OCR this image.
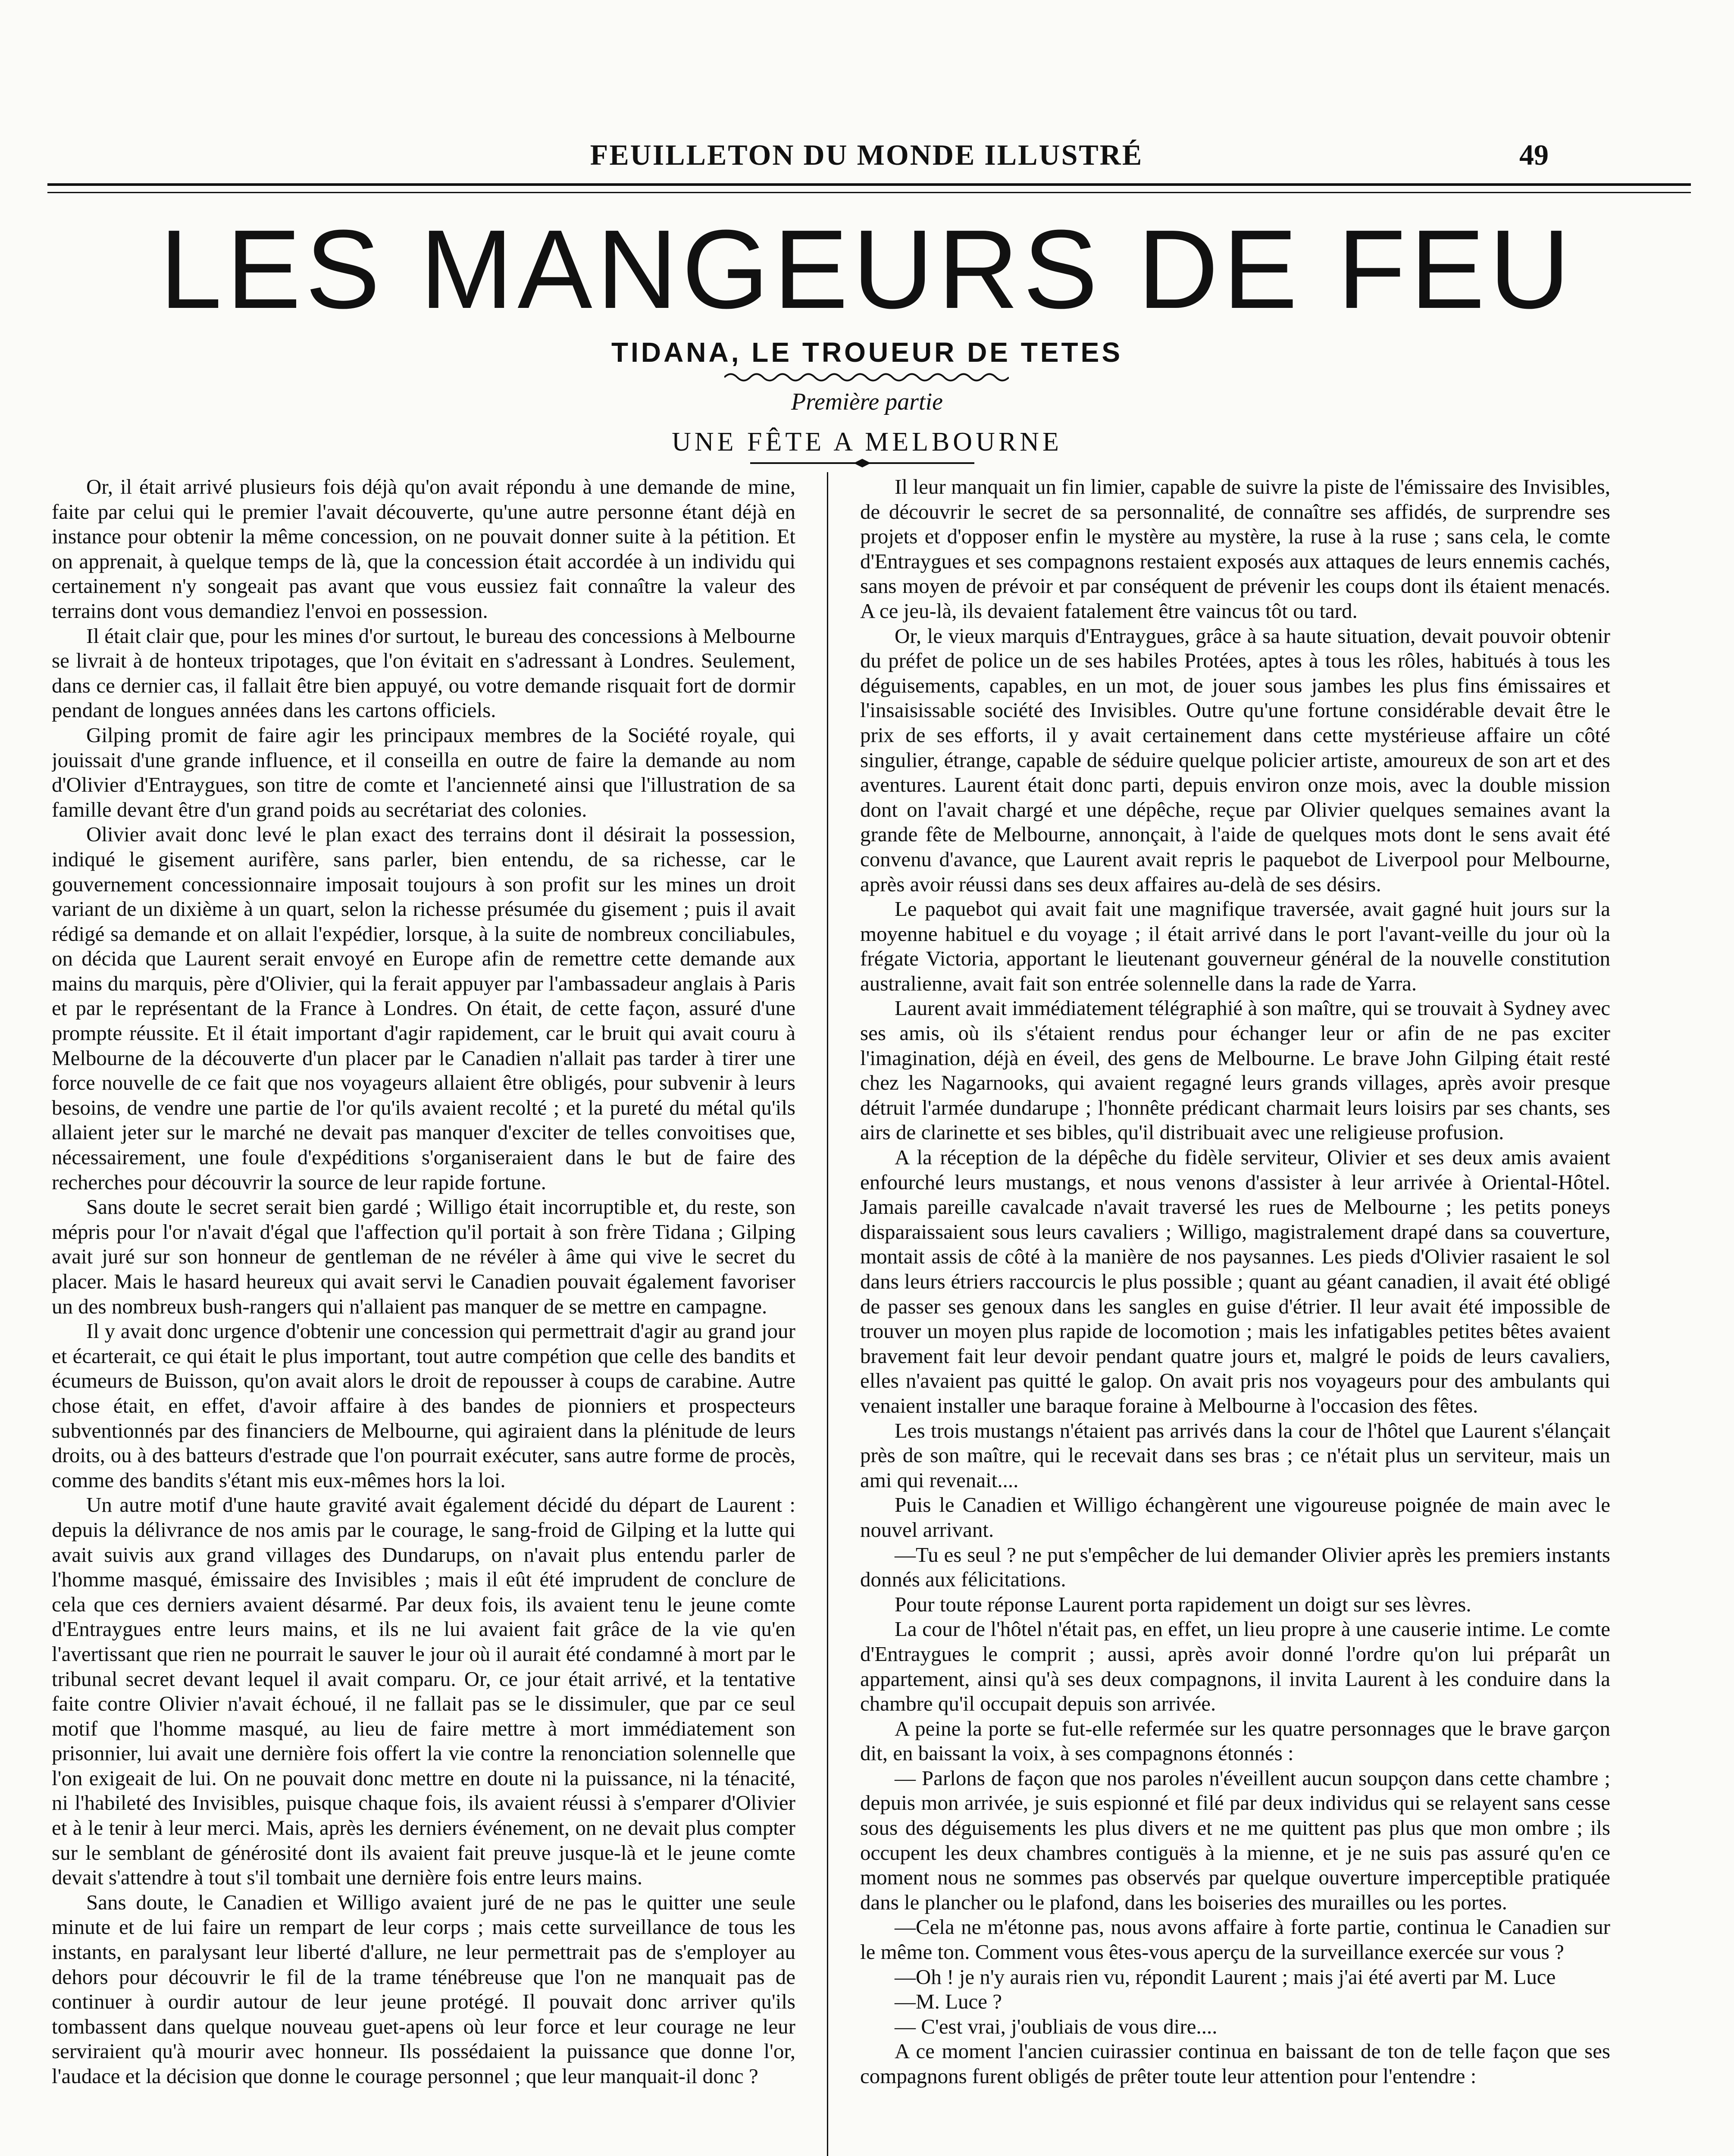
FEUILLETON DU MONDE ILLUSTRÉ	49
LES MANGEURS DE FEU
TIDANA, LE TROUEUR DE TETES
Première partie
UNE FÊTE A MELBOURNE

Or, il était arrivé plusieurs fois déjà qu'on avait répondu à une demande de mine, faite par celui qui le premier l'avait découverte, qu'une autre personne étant déjà en instance pour obtenir la même concession, on ne pouvait donner suite à la pétition. Et on apprenait, à quelque temps de là, que la concession était accordée à un individu qui certainement n'y songeait pas avant que vous eussiez fait connaître la valeur des terrains dont vous demandiez l'envoi en possession.

Il était clair que, pour les mines d'or surtout, le bureau des concessions à Melbourne se livrait à de honteux tripotages, que l'on évitait en s'adressant à Londres. Seulement, dans ce dernier cas, il fallait être bien appuyé, ou votre demande risquait fort de dormir pendant de longues années dans les cartons officiels.

Gilping promit de faire agir les principaux membres de la Société royale, qui jouissait d'une grande influence, et il conseilla en outre de faire la demande au nom d'Olivier d'Entraygues, son titre de comte et l'ancienneté ainsi que l'illustration de sa famille devant être d'un grand poids au secrétariat des colonies.

Olivier avait donc levé le plan exact des terrains dont il désirait la possession, indiqué le gisement aurifère, sans parler, bien entendu, de sa richesse, car le gouvernement concessionnaire imposait toujours à son profit sur les mines un droit variant de un dixième à un quart, selon la richesse présumée du gisement ; puis il avait rédigé sa demande et on allait l'expédier, lorsque, à la suite de nombreux conciliabules, on décida que Laurent serait envoyé en Europe afin de remettre cette demande aux mains du marquis, père d'Olivier, qui la ferait appuyer par l'ambassadeur anglais à Paris et par le représentant de la France à Londres. On était, de cette façon, assuré d'une prompte réussite. Et il était important d'agir rapidement, car le bruit qui avait couru à Melbourne de la découverte d'un placer par le Canadien n'allait pas tarder à tirer une force nouvelle de ce fait que nos voyageurs allaient être obligés, pour subvenir à leurs besoins, de vendre une partie de l'or qu'ils avaient recolté ; et la pureté du métal qu'ils allaient jeter sur le marché ne devait pas manquer d'exciter de telles convoitises que, nécessairement, une foule d'expéditions s'organiseraient dans le but de faire des recherches pour découvrir la source de leur rapide fortune.

Sans doute le secret serait bien gardé ; Willigo était incorruptible et, du reste, son mépris pour l'or n'avait d'égal que l'affection qu'il portait à son frère Tidana ; Gilping avait juré sur son honneur de gentleman de ne révéler à âme qui vive le secret du placer. Mais le hasard heureux qui avait servi le Canadien pouvait également favoriser un des nombreux bush-rangers qui n'allaient pas manquer de se mettre en campagne.

Il y avait donc urgence d'obtenir une concession qui permettrait d'agir au grand jour et écarterait, ce qui était le plus important, tout autre compétion que celle des bandits et écumeurs de Buisson, qu'on avait alors le droit de repousser à coups de carabine. Autre chose était, en effet, d'avoir affaire à des bandes de pionniers et prospecteurs subventionnés par des financiers de Melbourne, qui agiraient dans la plénitude de leurs droits, ou à des batteurs d'estrade que l'on pourrait exécuter, sans autre forme de procès, comme des bandits s'étant mis eux-mêmes hors la loi.

Un autre motif d'une haute gravité avait également décidé du départ de Laurent : depuis la délivrance de nos amis par le courage, le sang-froid de Gilping et la lutte qui avait suivis aux grand villages des Dundarups, on n'avait plus entendu parler de l'homme masqué, émissaire des Invisibles ; mais il eût été imprudent de conclure de cela que ces derniers avaient désarmé. Par deux fois, ils avaient tenu le jeune comte d'Entraygues entre leurs mains, et ils ne lui avaient fait grâce de la vie qu'en l'avertissant que rien ne pourrait le sauver le jour où il aurait été condamné à mort par le tribunal secret devant lequel il avait comparu. Or, ce jour était arrivé, et la tentative faite contre Olivier n'avait échoué, il ne fallait pas se le dissimuler, que par ce seul motif que l'homme masqué, au lieu de faire mettre à mort immédiatement son prisonnier, lui avait une dernière fois offert la vie contre la renonciation solennelle que l'on exigeait de lui. On ne pouvait donc mettre en doute ni la puissance, ni la ténacité, ni l'habileté des Invisibles, puisque chaque fois, ils avaient réussi à s'emparer d'Olivier et à le tenir à leur merci. Mais, après les derniers événement, on ne devait plus compter sur le semblant de générosité dont ils avaient fait preuve jusque-là et le jeune comte devait s'attendre à tout s'il tombait une dernière fois entre leurs mains.

Sans doute, le Canadien et Willigo avaient juré de ne pas le quitter une seule minute et de lui faire un rempart de leur corps ; mais cette surveillance de tous les instants, en paralysant leur liberté d'allure, ne leur permettrait pas de s'employer au dehors pour découvrir le fil de la trame ténébreuse que l'on ne manquait pas de continuer à ourdir autour de leur jeune protégé. Il pouvait donc arriver qu'ils tombassent dans quelque nouveau guet-apens où leur force et leur courage ne leur serviraient qu'à mourir avec honneur. Ils possédaient la puissance que donne l'or, l'audace et la décision que donne le courage personnel ; que leur manquait-il donc ?

Il leur manquait un fin limier, capable de suivre la piste de l'émissaire des Invisibles, de découvrir le secret de sa personnalité, de connaître ses affidés, de surprendre ses projets et d'opposer enfin le mystère au mystère, la ruse à la ruse ; sans cela, le comte d'Entraygues et ses compagnons restaient exposés aux attaques de leurs ennemis cachés, sans moyen de prévoir et par conséquent de prévenir les coups dont ils étaient menacés. A ce jeu-là, ils devaient fatalement être vaincus tôt ou tard.

Or, le vieux marquis d'Entraygues, grâce à sa haute situation, devait pouvoir obtenir du préfet de police un de ses habiles Protées, aptes à tous les rôles, habitués à tous les déguisements, capables, en un mot, de jouer sous jambes les plus fins émissaires et l'insaisissable société des Invisibles. Outre qu'une fortune considérable devait être le prix de ses efforts, il y avait certainement dans cette mystérieuse affaire un côté singulier, étrange, capable de séduire quelque policier artiste, amoureux de son art et des aventures. Laurent était donc parti, depuis environ onze mois, avec la double mission dont on l'avait chargé et une dépêche, reçue par Olivier quelques semaines avant la grande fête de Melbourne, annonçait, à l'aide de quelques mots dont le sens avait été convenu d'avance, que Laurent avait repris le paquebot de Liverpool pour Melbourne, après avoir réussi dans ses deux affaires au-delà de ses désirs.

Le paquebot qui avait fait une magnifique traversée, avait gagné huit jours sur la moyenne habituel e du voyage ; il était arrivé dans le port l'avant-veille du jour où la frégate Victoria, apportant le lieutenant gouverneur général de la nouvelle constitution australienne, avait fait son entrée solennelle dans la rade de Yarra.

Laurent avait immédiatement télégraphié à son maître, qui se trouvait à Sydney avec ses amis, où ils s'étaient rendus pour échanger leur or afin de ne pas exciter l'imagination, déjà en éveil, des gens de Melbourne. Le brave John Gilping était resté chez les Nagarnooks, qui avaient regagné leurs grands villages, après avoir presque détruit l'armée dundarupe ; l'honnête prédicant charmait leurs loisirs par ses chants, ses airs de clarinette et ses bibles, qu'il distribuait avec une religieuse profusion.

A la réception de la dépêche du fidèle serviteur, Olivier et ses deux amis avaient enfourché leurs mustangs, et nous venons d'assister à leur arrivée à Oriental-Hôtel. Jamais pareille cavalcade n'avait traversé les rues de Melbourne ; les petits poneys disparaissaient sous leurs cavaliers ; Willigo, magistralement drapé dans sa couverture, montait assis de côté à la manière de nos paysannes. Les pieds d'Olivier rasaient le sol dans leurs étriers raccourcis le plus possible ; quant au géant canadien, il avait été obligé de passer ses genoux dans les sangles en guise d'étrier. Il leur avait été impossible de trouver un moyen plus rapide de locomotion ; mais les infatigables petites bêtes avaient bravement fait leur devoir pendant quatre jours et, malgré le poids de leurs cavaliers, elles n'avaient pas quitté le galop. On avait pris nos voyageurs pour des ambulants qui venaient installer une baraque foraine à Melbourne à l'occasion des fêtes.

Les trois mustangs n'étaient pas arrivés dans la cour de l'hôtel que Laurent s'élançait près de son maître, qui le recevait dans ses bras ; ce n'était plus un serviteur, mais un ami qui revenait....

Puis le Canadien et Willigo échangèrent une vigoureuse poignée de main avec le nouvel arrivant.

—Tu es seul ? ne put s'empêcher de lui demander Olivier après les premiers instants donnés aux félicitations.

Pour toute réponse Laurent porta rapidement un doigt sur ses lèvres.

La cour de l'hôtel n'était pas, en effet, un lieu propre à une causerie intime. Le comte d'Entraygues le comprit ; aussi, après avoir donné l'ordre qu'on lui préparât un appartement, ainsi qu'à ses deux compagnons, il invita Laurent à les conduire dans la chambre qu'il occupait depuis son arrivée.

A peine la porte se fut-elle refermée sur les quatre personnages que le brave garçon dit, en baissant la voix, à ses compagnons étonnés :

— Parlons de façon que nos paroles n'éveillent aucun soupçon dans cette chambre ; depuis mon arrivée, je suis espionné et filé par deux individus qui se relayent sans cesse sous des déguisements les plus divers et ne me quittent pas plus que mon ombre ; ils occupent les deux chambres contiguës à la mienne, et je ne suis pas assuré qu'en ce moment nous ne sommes pas observés par quelque ouverture imperceptible pratiquée dans le plancher ou le plafond, dans les boiseries des murailles ou les portes.

—Cela ne m'étonne pas, nous avons affaire à forte partie, continua le Canadien sur le même ton. Comment vous êtes-vous aperçu de la surveillance exercée sur vous ?

—Oh ! je n'y aurais rien vu, répondit Laurent ; mais j'ai été averti par M. Luce

—M. Luce ?

— C'est vrai, j'oubliais de vous dire....

A ce moment l'ancien cuirassier continua en baissant de ton de telle façon que ses compagnons furent obligés de prêter toute leur attention pour l'entendre :
